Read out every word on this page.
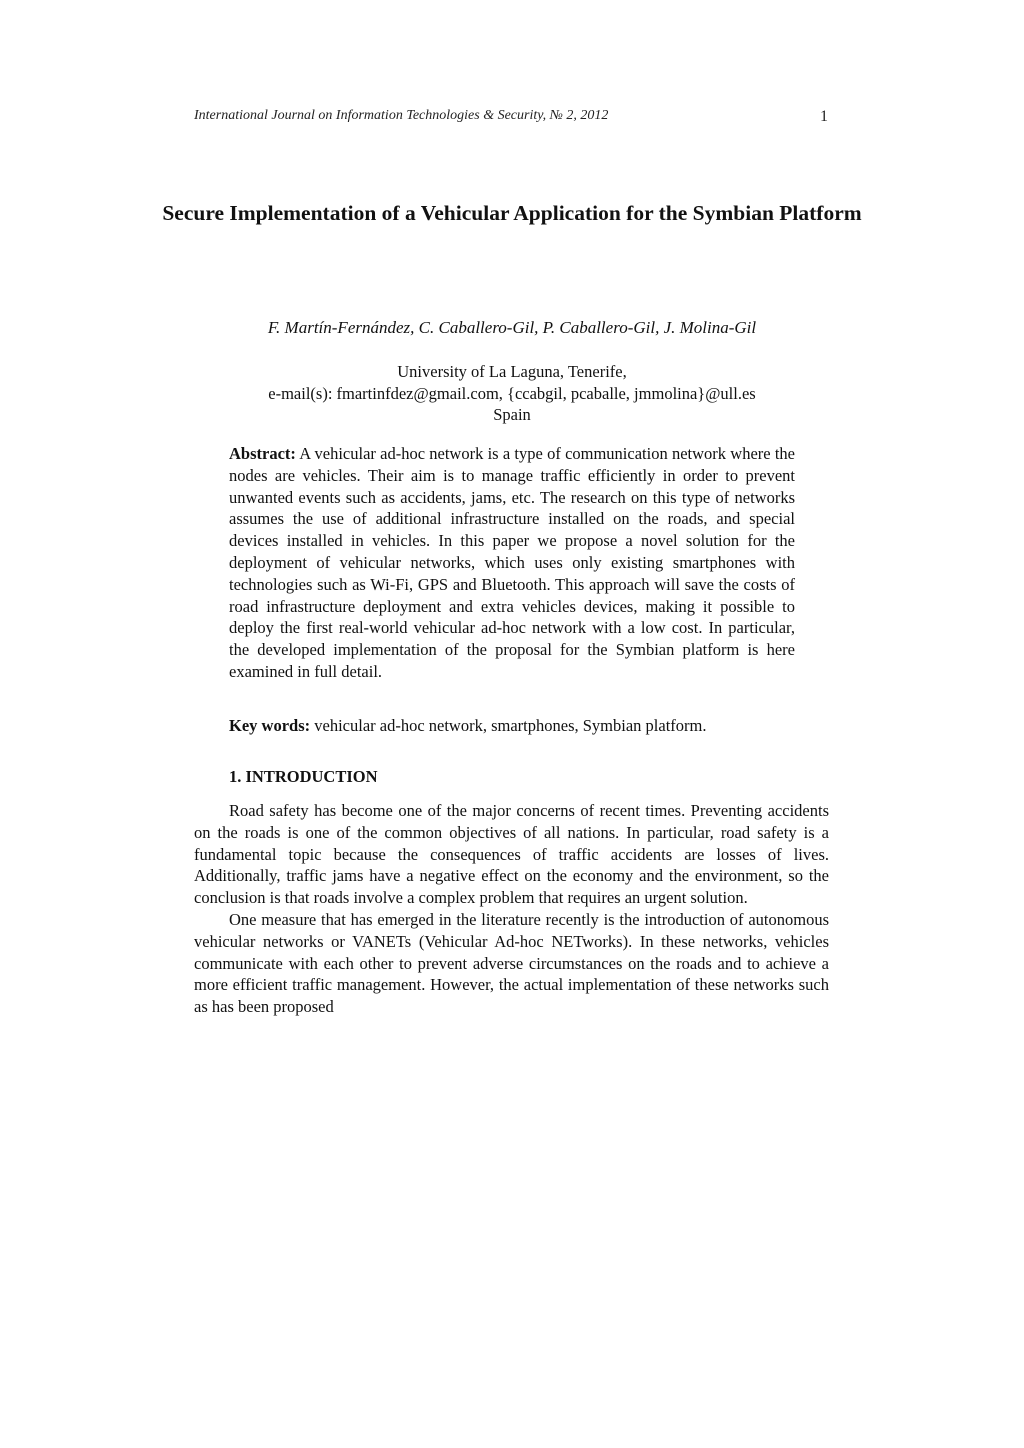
International Journal on Information Technologies & Security, № 2, 2012	1
Secure Implementation of a Vehicular Application for the Symbian Platform
F. Martín-Fernández, C. Caballero-Gil, P. Caballero-Gil, J. Molina-Gil
University of La Laguna, Tenerife,
e-mail(s): fmartinfdez@gmail.com, {ccabgil, pcaballe, jmmolina}@ull.es
Spain

Abstract: A vehicular ad-hoc network is a type of communication network where the nodes are vehicles. Their aim is to manage traffic efficiently in order to prevent unwanted events such as accidents, jams, etc. The research on this type of networks assumes the use of additional infrastructure installed on the roads, and special devices installed in vehicles. In this paper we propose a novel solution for the deployment of vehicular networks, which uses only existing smartphones with technologies such as Wi-Fi, GPS and Bluetooth. This approach will save the costs of road infrastructure deployment and extra vehicles devices, making it possible to deploy the first real-world vehicular ad-hoc network with a low cost. In particular, the developed implementation of the proposal for the Symbian platform is here examined in full detail.

Key words: vehicular ad-hoc network, smartphones, Symbian platform.
1. INTRODUCTION

Road safety has become one of the major concerns of recent times. Preventing accidents on the roads is one of the common objectives of all nations. In particular, road safety is a fundamental topic because the consequences of traffic accidents are losses of lives. Additionally, traffic jams have a negative effect on the economy and the environment, so the conclusion is that roads involve a complex problem that requires an urgent solution.

One measure that has emerged in the literature recently is the introduction of autonomous vehicular networks or VANETs (Vehicular Ad-hoc NETworks). In these networks, vehicles communicate with each other to prevent adverse circumstances on the roads and to achieve a more efficient traffic management. However, the actual implementation of these networks such as has been proposed
